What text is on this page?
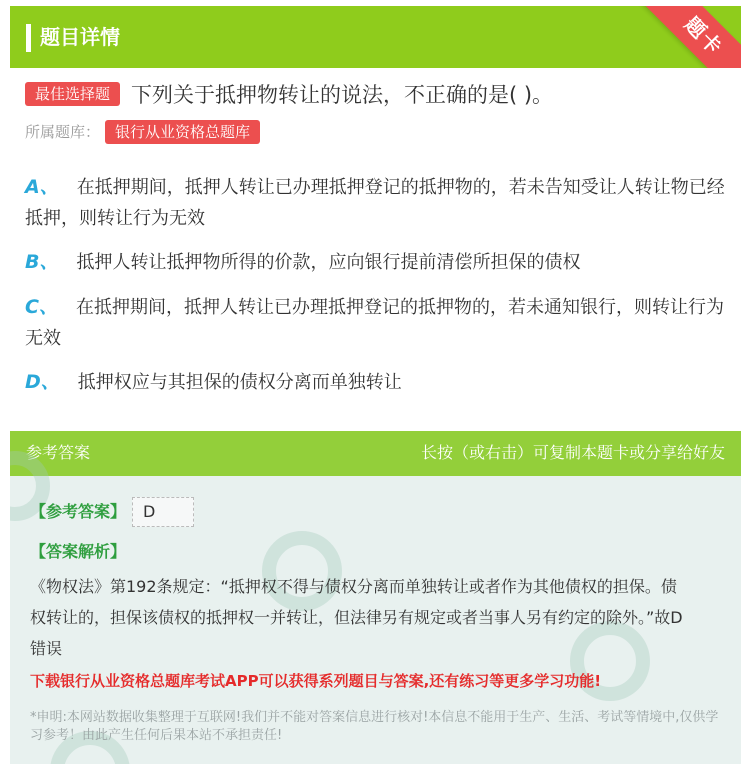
题目详情	题卡
最佳选择题 下列关于抵押物转让的说法，不正确的是( )。
所属题库： 银行从业资格总题库
A、 在抵押期间，抵押人转让已办理抵押登记的抵押物的，若未告知受让人转让物已经抵押，则转让行为无效
B、 抵押人转让抵押物所得的价款，应向银行提前清偿所担保的债权
C、 在抵押期间，抵押人转让已办理抵押登记的抵押物的，若未通知银行，则转让行为无效
D、 抵押权应与其担保的债权分离而单独转让
参考答案	长按（或右击）可复制本题卡或分享给好友
【参考答案】	D
【答案解析】
《物权法》第192条规定：“抵押权不得与债权分离而单独转让或者作为其他债权的担保。债权转让的，担保该债权的抵押权一并转让，但法律另有规定或者当事人另有约定的除外。”故D错误
下载银行从业资格总题库考试APP可以获得系列题目与答案,还有练习等更多学习功能!
*申明:本网站数据收集整理于互联网!我们并不能对答案信息进行核对!本信息不能用于生产、生活、考试等情境中,仅供学习参考！由此产生任何后果本站不承担责任!
